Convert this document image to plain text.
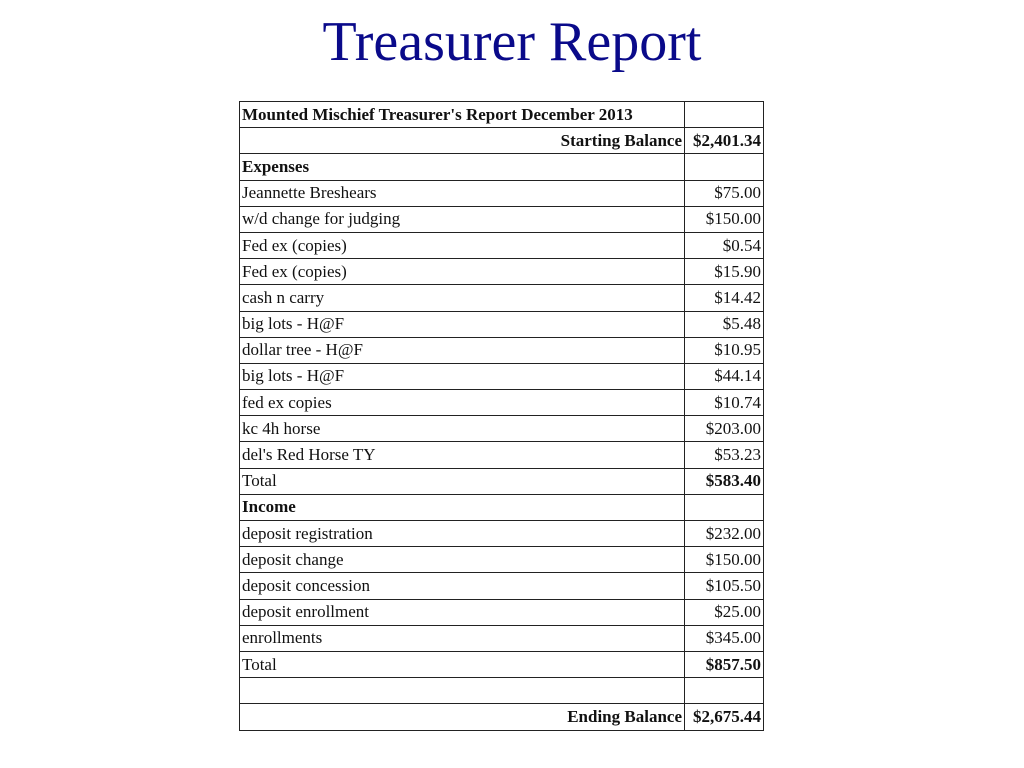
Treasurer Report
Mounted Mischief Treasurer's Report December 2013	
Starting Balance	$2,401.34
Expenses	
Jeannette Breshears	$75.00
w/d change for judging	$150.00
Fed ex (copies)	$0.54
Fed ex (copies)	$15.90
cash n carry	$14.42
big lots - H@F	$5.48
dollar tree - H@F	$10.95
big lots - H@F	$44.14
fed ex copies	$10.74
kc 4h horse	$203.00
del's Red Horse TY	$53.23
Total	$583.40
Income	
deposit registration	$232.00
deposit change	$150.00
deposit concession	$105.50
deposit enrollment	$25.00
enrollments	$345.00
Total	$857.50

Ending Balance	$2,675.44
